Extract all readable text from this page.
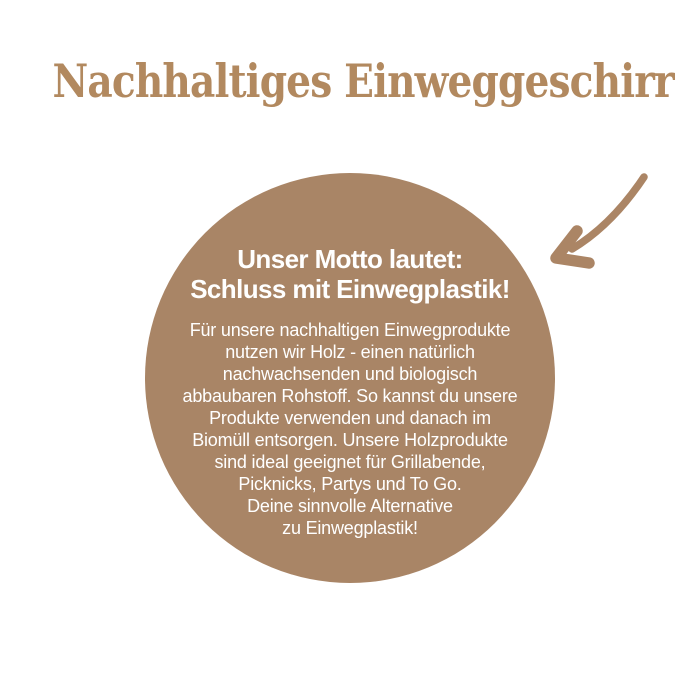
Nachhaltiges Einweggeschirr

Unser Motto lautet:
Schluss mit Einwegplastik!

Für unsere nachhaltigen Einwegprodukte
nutzen wir Holz - einen natürlich
nachwachsenden und biologisch
abbaubaren Rohstoff. So kannst du unsere
Produkte verwenden und danach im
Biomüll entsorgen. Unsere Holzprodukte
sind ideal geeignet für Grillabende,
Picknicks, Partys und To Go.
Deine sinnvolle Alternative
zu Einwegplastik!
